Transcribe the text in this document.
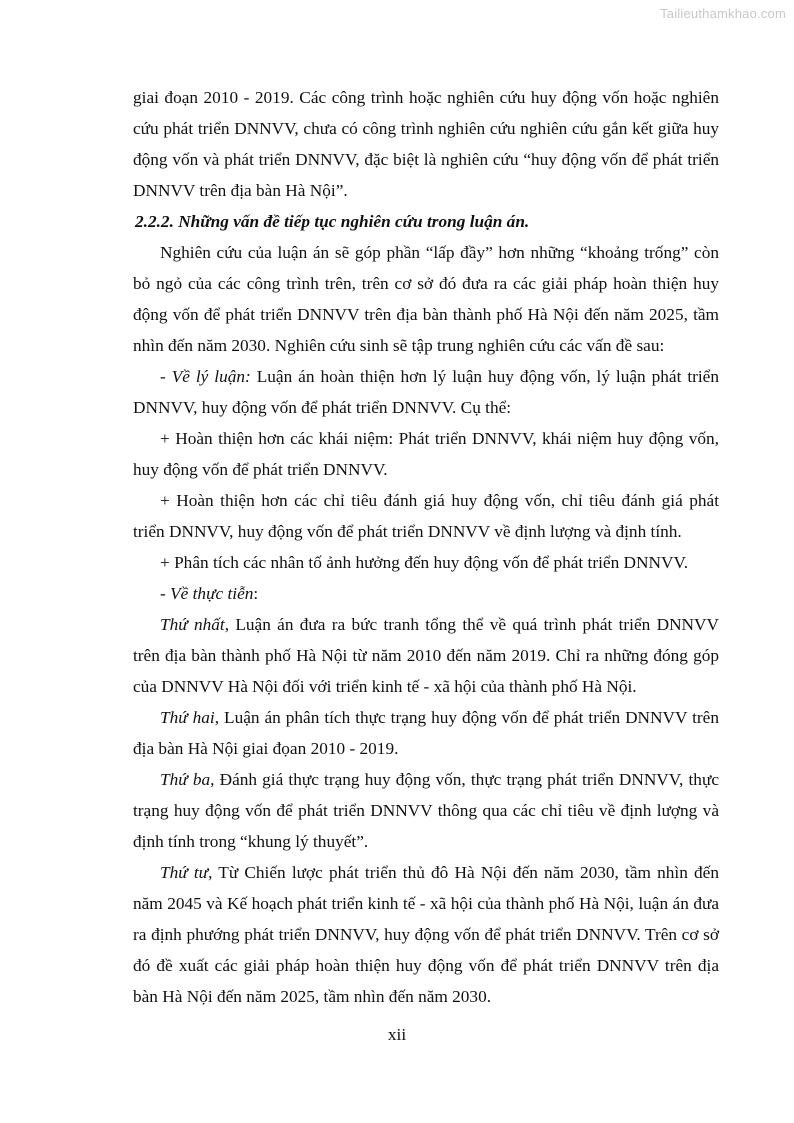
Tailieuthamkhao.com

giai đoạn 2010 - 2019. Các công trình hoặc nghiên cứu huy động vốn hoặc nghiên cứu phát triển DNNVV, chưa có công trình nghiên cứu nghiên cứu gắn kết giữa huy động vốn và phát triển DNNVV, đặc biệt là nghiên cứu “huy động vốn để phát triển DNNVV trên địa bàn Hà Nội”.

2.2.2. Những vấn đề tiếp tục nghiên cứu trong luận án.

Nghiên cứu của luận án sẽ góp phần “lấp đầy” hơn những “khoảng trống” còn bỏ ngỏ của các công trình trên, trên cơ sở đó đưa ra các giải pháp hoàn thiện huy động vốn để phát triển DNNVV trên địa bàn thành phố Hà Nội đến năm 2025, tầm nhìn đến năm 2030. Nghiên cứu sinh sẽ tập trung nghiên cứu các vấn đề sau:

- Về lý luận: Luận án hoàn thiện hơn lý luận huy động vốn, lý luận phát triển DNNVV, huy động vốn để phát triển DNNVV. Cụ thể:

+ Hoàn thiện hơn các khái niệm: Phát triển DNNVV, khái niệm huy động vốn, huy động vốn để phát triển DNNVV.

+ Hoàn thiện hơn các chỉ tiêu đánh giá huy động vốn, chỉ tiêu đánh giá phát triển DNNVV, huy động vốn để phát triển DNNVV về định lượng và định tính.

+ Phân tích các nhân tố ảnh hưởng đến huy động vốn để phát triển DNNVV.

- Về thực tiễn:

Thứ nhất, Luận án đưa ra bức tranh tổng thể về quá trình phát triển DNNVV trên địa bàn thành phố Hà Nội từ năm 2010 đến năm 2019. Chỉ ra những đóng góp của DNNVV Hà Nội đối với triển kinh tế - xã hội của thành phố Hà Nội.

Thứ hai, Luận án phân tích thực trạng huy động vốn để phát triển DNNVV trên địa bàn Hà Nội giai đọan 2010 - 2019.

Thứ ba, Đánh giá thực trạng huy động vốn, thực trạng phát triển DNNVV, thực trạng huy động vốn để phát triển DNNVV thông qua các chỉ tiêu về định lượng và định tính trong “khung lý thuyết”.

Thứ tư, Từ Chiến lược phát triển thủ đô Hà Nội đến năm 2030, tầm nhìn đến năm 2045 và Kế hoạch phát triển kinh tế - xã hội của thành phố Hà Nội, luận án đưa ra định phướng phát triển DNNVV, huy động vốn để phát triển DNNVV. Trên cơ sở đó đề xuất các giải pháp hoàn thiện huy động vốn để phát triển DNNVV trên địa bàn Hà Nội đến năm 2025, tầm nhìn đến năm 2030.

xii
